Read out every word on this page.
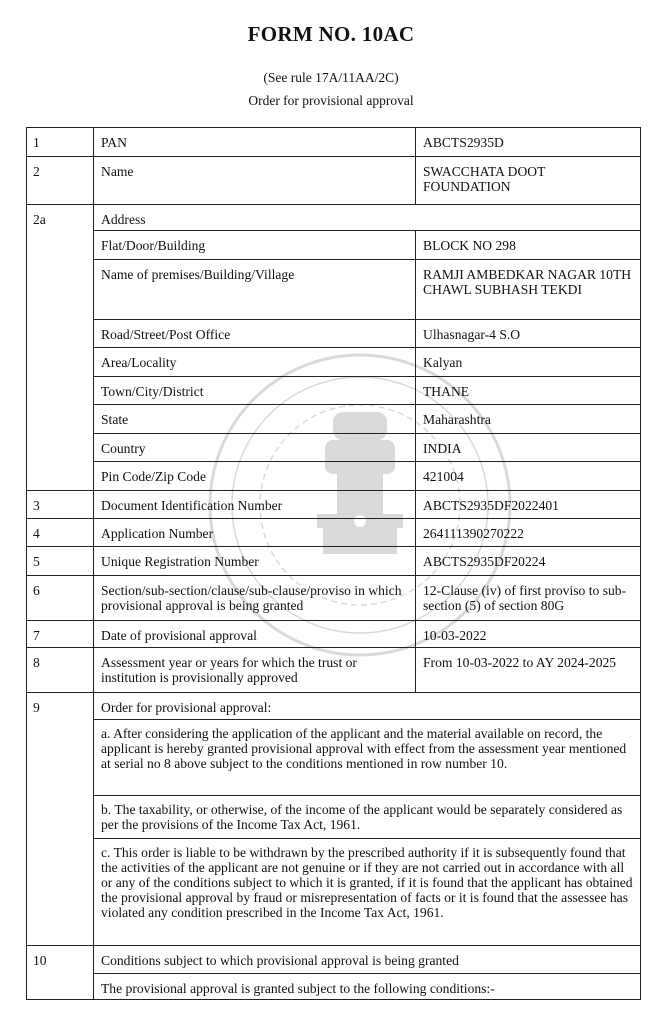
FORM NO. 10AC
(See rule 17A/11AA/2C)
Order for provisional approval
1	PAN	ABCTS2935D
2	Name	SWACCHATA DOOT FOUNDATION
2a	Address	
	Flat/Door/Building	BLOCK NO 298
	Name of premises/Building/Village	RAMJI AMBEDKAR NAGAR 10TH CHAWL SUBHASH TEKDI
	Road/Street/Post Office	Ulhasnagar-4 S.O
	Area/Locality	Kalyan
	Town/City/District	THANE
	State	Maharashtra
	Country	INDIA
	Pin Code/Zip Code	421004
3	Document Identification Number	ABCTS2935DF2022401
4	Application Number	264111390270222
5	Unique Registration Number	ABCTS2935DF20224
6	Section/sub-section/clause/sub-clause/proviso in which provisional approval is being granted	12-Clause (iv) of first proviso to sub-section (5) of section 80G
7	Date of provisional approval	10-03-2022
8	Assessment year or years for which the trust or institution is provisionally approved	From 10-03-2022 to AY 2024-2025
9	Order for provisional approval:	
	a. After considering the application of the applicant and the material available on record, the applicant is hereby granted provisional approval with effect from the assessment year mentioned at serial no 8 above subject to the conditions mentioned in row number 10.	
	b. The taxability, or otherwise, of the income of the applicant would be separately considered as per the provisions of the Income Tax Act, 1961.	
	c. This order is liable to be withdrawn by the prescribed authority if it is subsequently found that the activities of the applicant are not genuine or if they are not carried out in accordance with all or any of the conditions subject to which it is granted, if it is found that the applicant has obtained the provisional approval by fraud or misrepresentation of facts or it is found that the assessee has violated any condition prescribed in the Income Tax Act, 1961.	
10	Conditions subject to which provisional approval is being granted	
	The provisional approval is granted subject to the following conditions:-	
